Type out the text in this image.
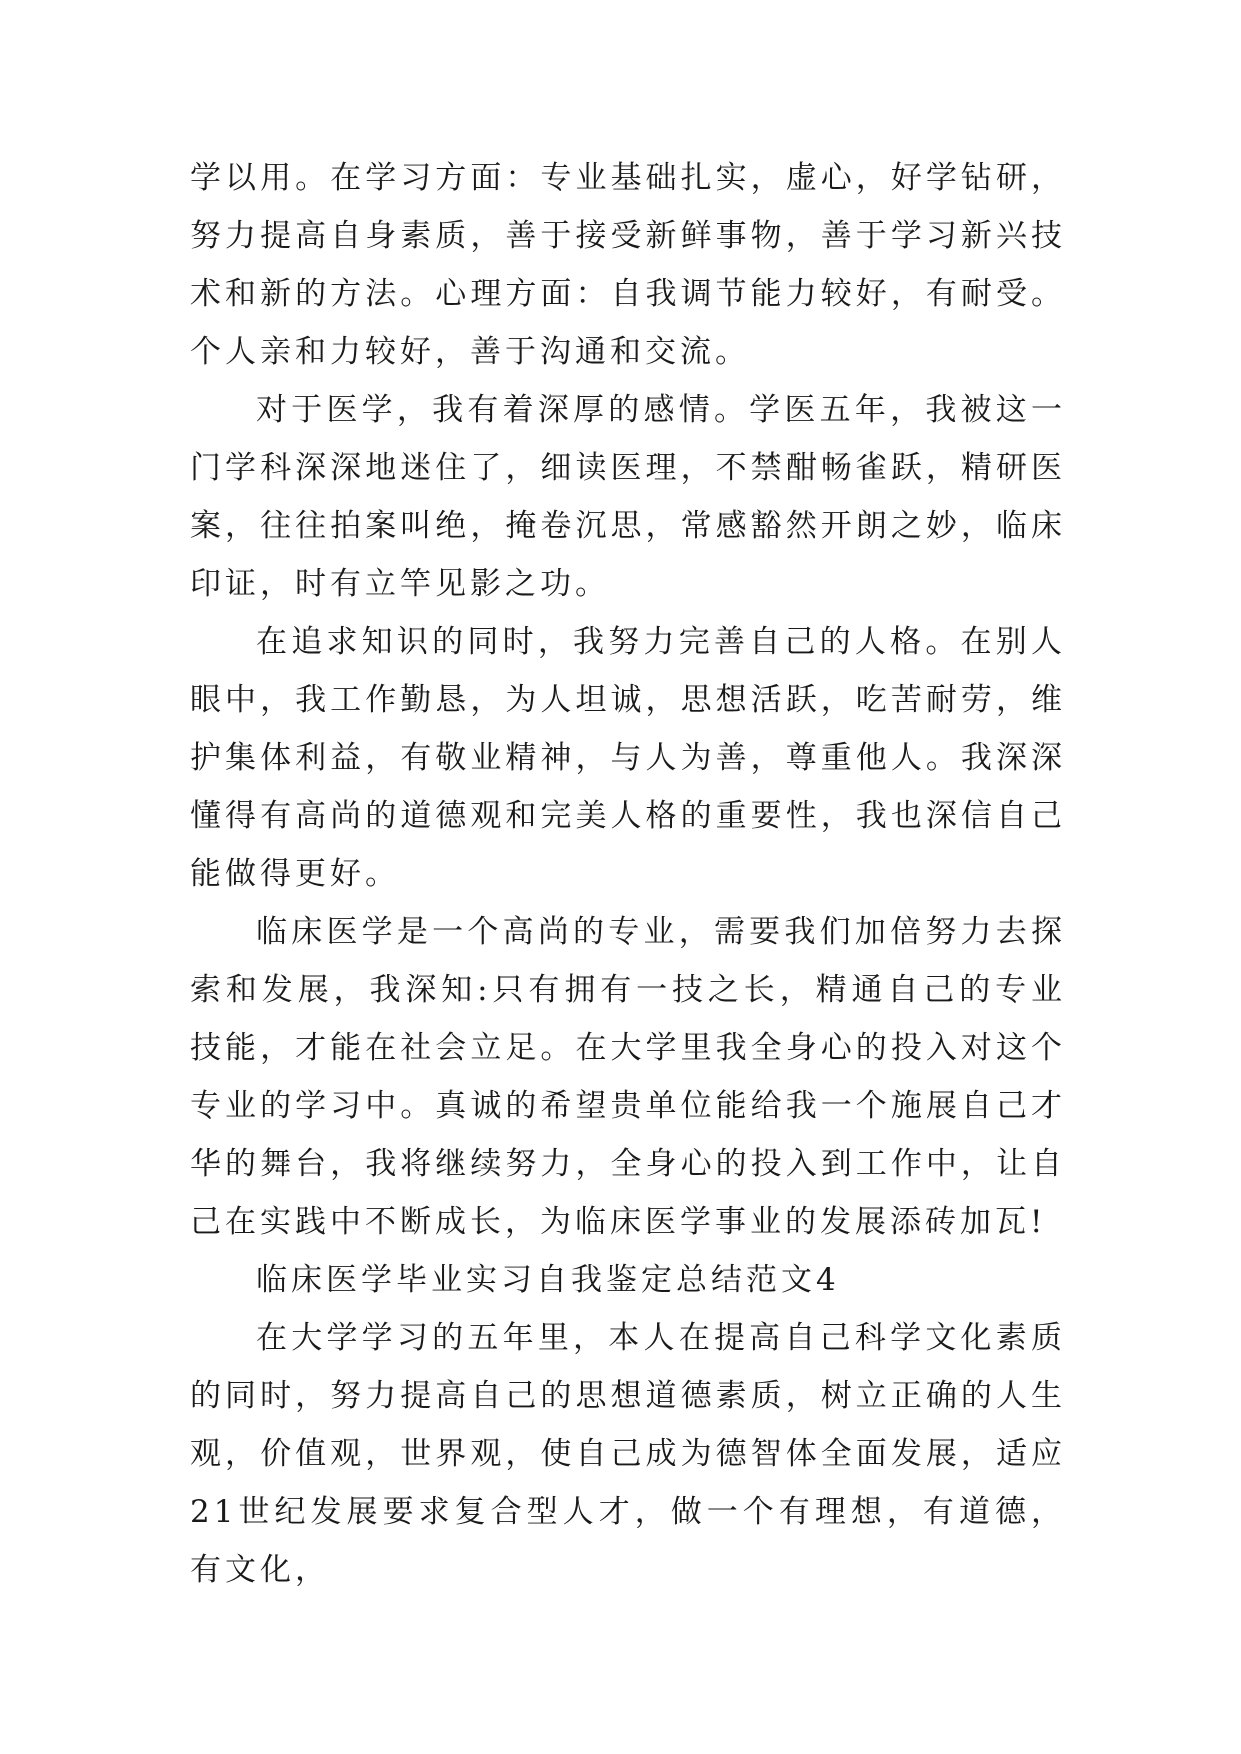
学以用。在学习方面：专业基础扎实，虚心，好学钻研，努力提高自身素质，善于接受新鲜事物，善于学习新兴技术和新的方法。心理方面：自我调节能力较好，有耐受。个人亲和力较好，善于沟通和交流。

对于医学，我有着深厚的感情。学医五年，我被这一门学科深深地迷住了，细读医理，不禁酣畅雀跃，精研医案，往往拍案叫绝，掩卷沉思，常感豁然开朗之妙，临床印证，时有立竿见影之功。

在追求知识的同时，我努力完善自己的人格。在别人眼中，我工作勤恳，为人坦诚，思想活跃，吃苦耐劳，维护集体利益，有敬业精神，与人为善，尊重他人。我深深懂得有高尚的道德观和完美人格的重要性，我也深信自己能做得更好。

临床医学是一个高尚的专业，需要我们加倍努力去探索和发展，我深知:只有拥有一技之长，精通自己的专业技能，才能在社会立足。在大学里我全身心的投入对这个专业的学习中。真诚的希望贵单位能给我一个施展自己才华的舞台，我将继续努力，全身心的投入到工作中，让自己在实践中不断成长，为临床医学事业的发展添砖加瓦!

临床医学毕业实习自我鉴定总结范文4

在大学学习的五年里，本人在提高自己科学文化素质的同时，努力提高自己的思想道德素质，树立正确的人生观，价值观，世界观，使自己成为德智体全面发展，适应21世纪发展要求复合型人才，做一个有理想，有道德，有文化，
